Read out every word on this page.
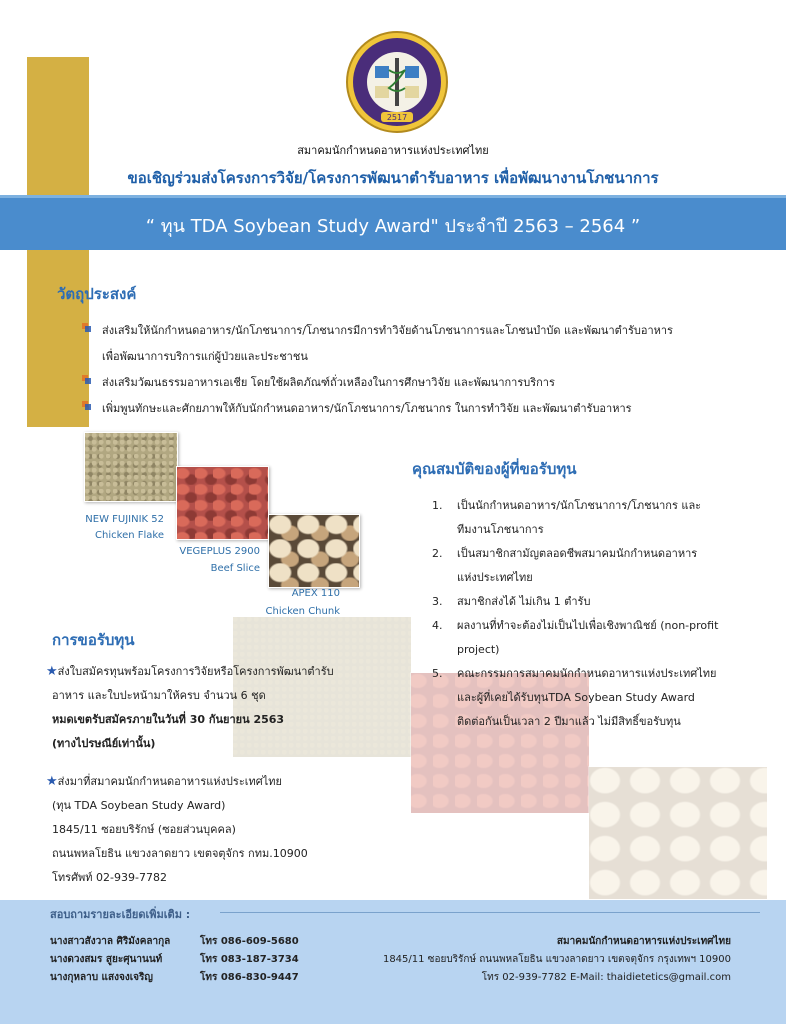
2517
สมาคมนักกำหนดอาหารแห่งประเทศไทย
ขอเชิญร่วมส่งโครงการวิจัย/โครงการพัฒนาตำรับอาหาร เพื่อพัฒนางานโภชนาการ
“ ทุน TDA Soybean Study Award" ประจำปี 2563 – 2564 ”
วัตถุประสงค์
ส่งเสริมให้นักกำหนดอาหาร/นักโภชนาการ/โภชนากรมีการทำวิจัยด้านโภชนาการและโภชนบำบัด และพัฒนาตำรับอาหาร
เพื่อพัฒนาการบริการแก่ผู้ป่วยและประชาชน
ส่งเสริมวัฒนธรรมอาหารเอเชีย โดยใช้ผลิตภัณฑ์ถั่วเหลืองในการศึกษาวิจัย และพัฒนาการบริการ
เพิ่มพูนทักษะและศักยภาพให้กับนักกำหนดอาหาร/นักโภชนาการ/โภชนากร ในการทำวิจัย และพัฒนาตำรับอาหาร
NEW FUJINIK 52
Chicken Flake
VEGEPLUS 2900
Beef Slice
APEX 110
Chicken Chunk
คุณสมบัติของผู้ที่ขอรับทุน
1. เป็นนักกำหนดอาหาร/นักโภชนาการ/โภชนากร และ
ทีมงานโภชนาการ
2. เป็นสมาชิกสามัญตลอดชีพสมาคมนักกำหนดอาหาร
แห่งประเทศไทย
3. สมาชิกส่งได้ ไม่เกิน 1 ตำรับ
4. ผลงานที่ทำจะต้องไม่เป็นไปเพื่อเชิงพาณิชย์ (non-profit
project)
5. คณะกรรมการสมาคมนักกำหนดอาหารแห่งประเทศไทย
และผู้ที่เคยได้รับทุนTDA Soybean Study Award
ติดต่อกันเป็นเวลา 2 ปีมาแล้ว ไม่มีสิทธิ์ขอรับทุน
การขอรับทุน
★ส่งใบสมัครทุนพร้อมโครงการวิจัยหรือโครงการพัฒนาตำรับ
อาหาร และใบปะหน้ามาให้ครบ จำนวน 6 ชุด
หมดเขตรับสมัครภายในวันที่ 30 กันยายน 2563
(ทางไปรษณีย์เท่านั้น)
★ส่งมาที่สมาคมนักกำหนดอาหารแห่งประเทศไทย
(ทุน TDA Soybean Study Award)
1845/11 ซอยบริรักษ์ (ซอยส่วนบุคคล)
ถนนพหลโยธิน แขวงลาดยาว เขตจตุจักร กทม.10900
โทรศัพท์ 02-939-7782
สอบถามรายละเอียดเพิ่มเติม :
นางสาวสังวาล ศิริมังคลากุล	โทร 086-609-5680
นางดวงสมร สูยะศุนานนท์	โทร 083-187-3734
นางกุหลาบ แสงจงเจริญ	โทร 086-830-9447
สมาคมนักกำหนดอาหารแห่งประเทศไทย
1845/11 ซอยบริรักษ์ ถนนพหลโยธิน แขวงลาดยาว เขตจตุจักร กรุงเทพฯ 10900
โทร 02-939-7782 E-Mail: thaidietetics@gmail.com
